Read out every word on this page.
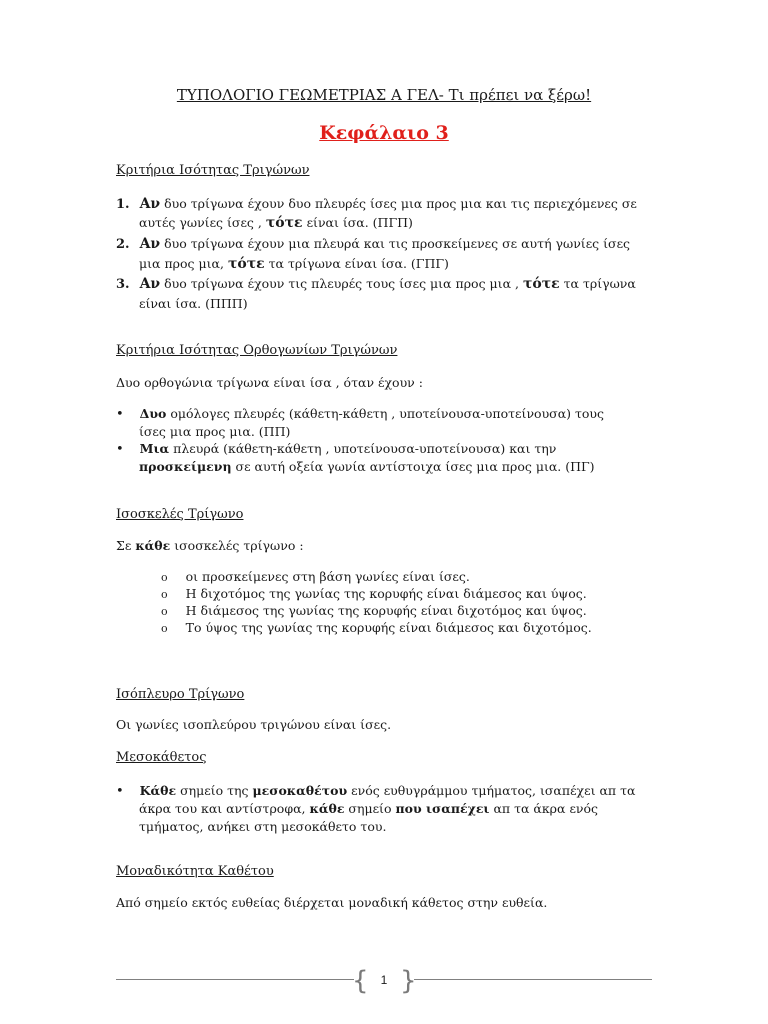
ΤΥΠΟΛΟΓΙΟ ΓΕΩΜΕΤΡΙΑΣ Α ΓΕΛ- Τι πρέπει να ξέρω!

Κεφάλαιο 3

Κριτήρια Ισότητας Τριγώνων

1. Αν δυο τρίγωνα έχουν δυο πλευρές ίσες μια προς μια και τις περιεχόμενες σε
αυτές γωνίες ίσες , τότε είναι ίσα. (ΠΓΠ)
2. Αν δυο τρίγωνα έχουν μια πλευρά και τις προσκείμενες σε αυτή γωνίες ίσες
μια προς μια, τότε τα τρίγωνα είναι ίσα. (ΓΠΓ)
3. Αν δυο τρίγωνα έχουν τις πλευρές τους ίσες μια προς μια , τότε τα τρίγωνα
είναι ίσα. (ΠΠΠ)

Κριτήρια Ισότητας Ορθογωνίων Τριγώνων

Δυο ορθογώνια τρίγωνα είναι ίσα , όταν έχουν :

• Δυο ομόλογες πλευρές (κάθετη-κάθετη , υποτείνουσα-υποτείνουσα) τους

ίσες μια προς μια. (ΠΠ)

• Μια πλευρά (κάθετη-κάθετη , υποτείνουσα-υποτείνουσα) και την
προσκείμενη σε αυτή οξεία γωνία αντίστοιχα ίσες μια προς μια. (ΠΓ)

Ισοσκελές Τρίγωνο

Σε κάθε ισοσκελές τρίγωνο :
o οι προσκείμενες στη βάση γωνίες είναι ίσες.
o Η διχοτόμος της γωνίας της κορυφής είναι διάμεσος και ύψος.
o Η διάμεσος της γωνίας της κορυφής είναι διχοτόμος και ύψος.
o Το ύψος της γωνίας της κορυφής είναι διάμεσος και διχοτόμος.

Ισόπλευρο Τρίγωνο

Οι γωνίες ισοπλεύρου τριγώνου είναι ίσες.

Μεσοκάθετος

• Κάθε σημείο της μεσοκαθέτου ενός ευθυγράμμου τμήματος, ισαπέχει απ τα
άκρα του και αντίστροφα, κάθε σημείο που ισαπέχει απ τα άκρα ενός

τμήματος, ανήκει στη μεσοκάθετο του.

Μοναδικότητα Καθέτου

Από σημείο εκτός ευθείας διέρχεται μοναδική κάθετος στην ευθεία.

{ }

1
